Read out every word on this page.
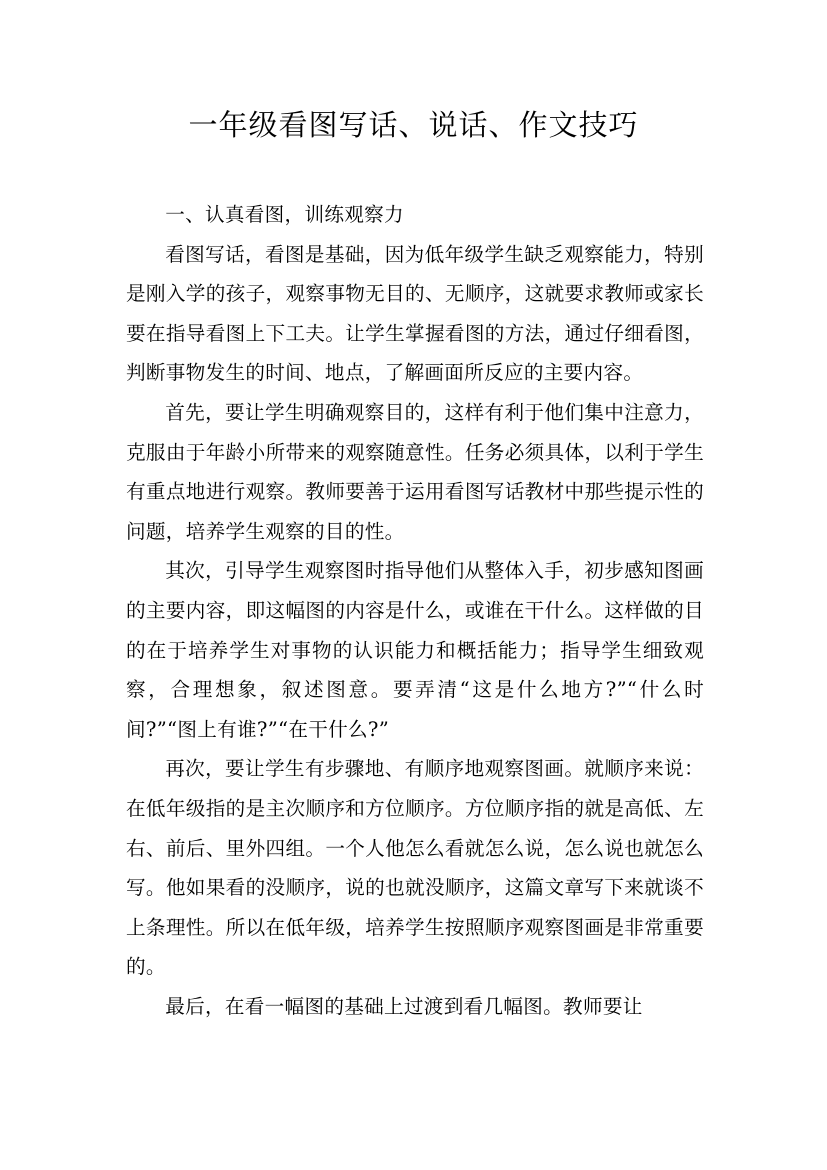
一年级看图写话、说话、作文技巧

一、认真看图，训练观察力

看图写话，看图是基础，因为低年级学生缺乏观察能力，特别是刚入学的孩子，观察事物无目的、无顺序，这就要求教师或家长要在指导看图上下工夫。让学生掌握看图的方法，通过仔细看图，判断事物发生的时间、地点，了解画面所反应的主要内容。

首先，要让学生明确观察目的，这样有利于他们集中注意力，克服由于年龄小所带来的观察随意性。任务必须具体，以利于学生有重点地进行观察。教师要善于运用看图写话教材中那些提示性的问题，培养学生观察的目的性。

其次，引导学生观察图时指导他们从整体入手，初步感知图画的主要内容，即这幅图的内容是什么，或谁在干什么。这样做的目的在于培养学生对事物的认识能力和概括能力；指导学生细致观察，合理想象，叙述图意。要弄清“这是什么地方?”“什么时间?”“图上有谁?”“在干什么?”

再次，要让学生有步骤地、有顺序地观察图画。就顺序来说：在低年级指的是主次顺序和方位顺序。方位顺序指的就是高低、左右、前后、里外四组。一个人他怎么看就怎么说，怎么说也就怎么写。他如果看的没顺序，说的也就没顺序，这篇文章写下来就谈不上条理性。所以在低年级，培养学生按照顺序观察图画是非常重要的。

最后，在看一幅图的基础上过渡到看几幅图。教师要让
